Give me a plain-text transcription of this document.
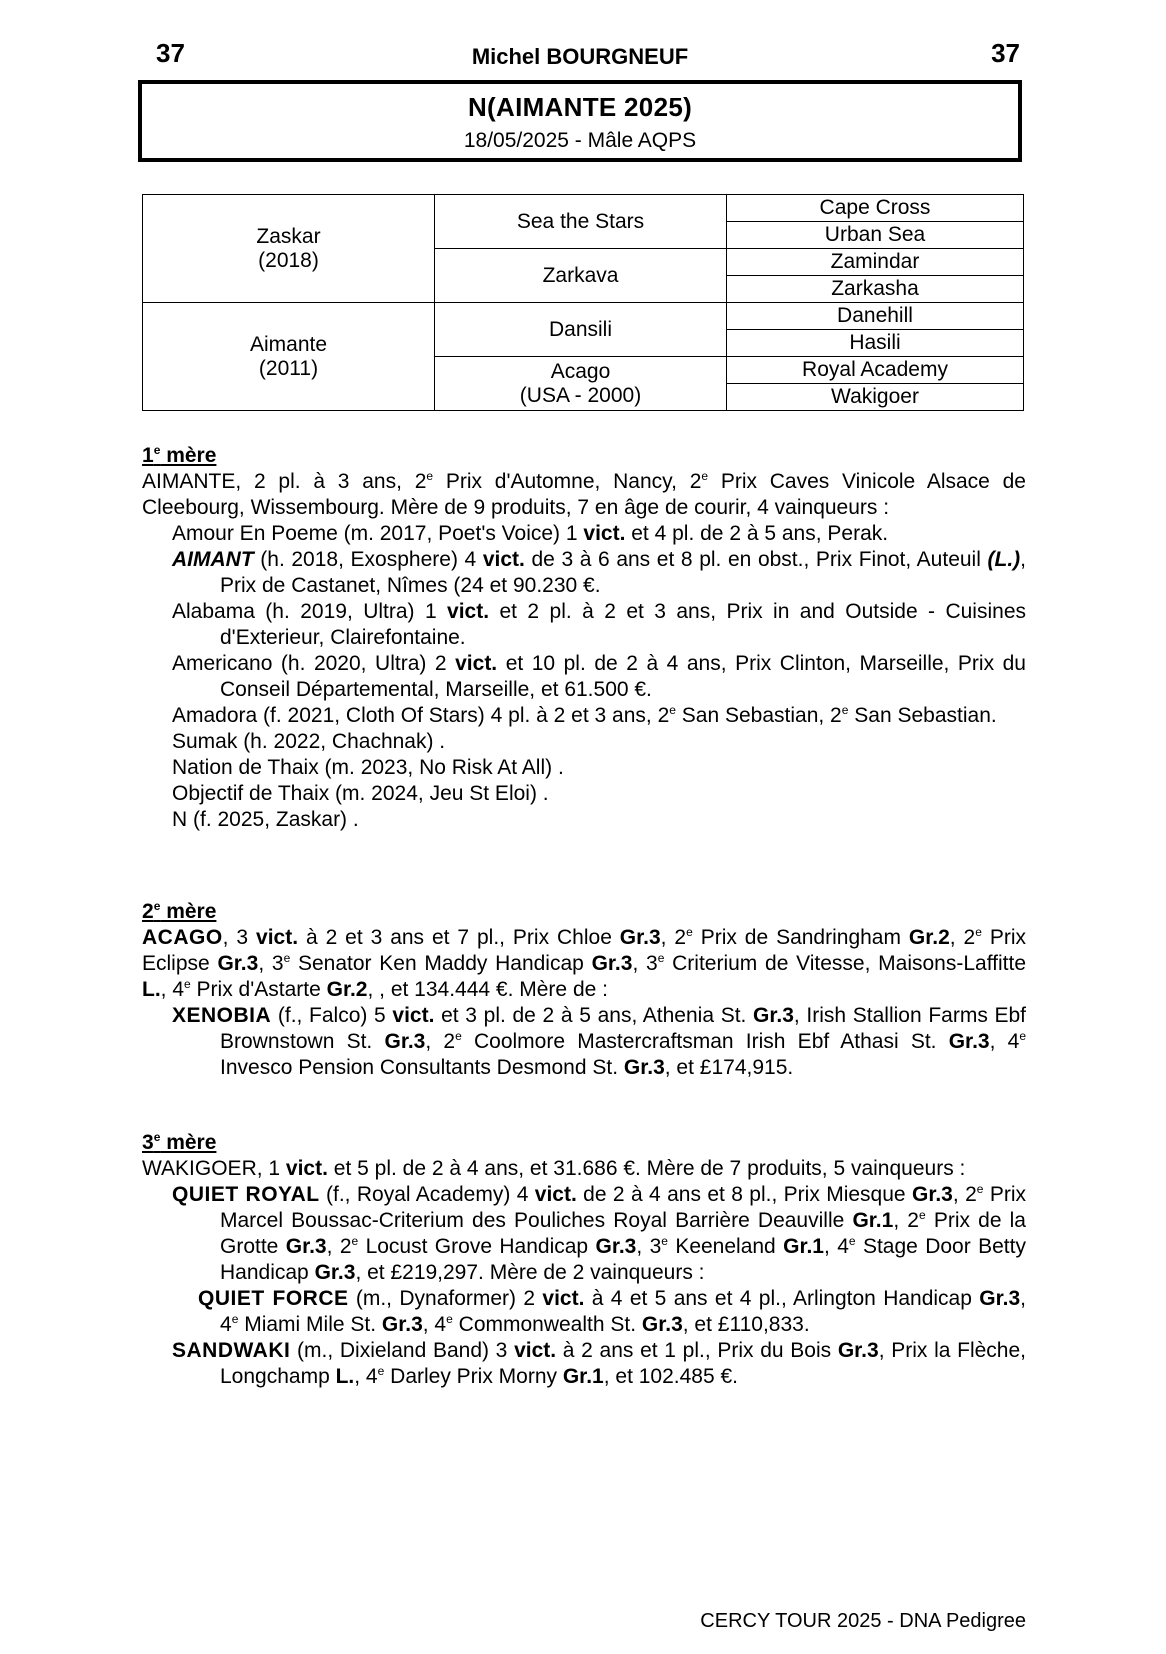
37	Michel BOURGNEUF	37
N(AIMANTE 2025)
18/05/2025 - Mâle AQPS
Zaskar
(2018)	Sea the Stars	Cape Cross
		Urban Sea
	Zarkava	Zamindar
		Zarkasha

Aimante
(2011)	Dansili	Danehill
		Hasili

	Acago
(USA - 2000)	Royal Academy
		Wakigoer
1e mère

AIMANTE, 2 pl. à 3 ans, 2e Prix d'Automne, Nancy, 2e Prix Caves Vinicole Alsace de Cleebourg, Wissembourg. Mère de 9 produits, 7 en âge de courir, 4 vainqueurs :

Amour En Poeme (m. 2017, Poet's Voice) 1 vict. et 4 pl. de 2 à 5 ans, Perak.

AIMANT (h. 2018, Exosphere) 4 vict. de 3 à 6 ans et 8 pl. en obst., Prix Finot, Auteuil (L.), Prix de Castanet, Nîmes (24 et 90.230 €.

Alabama (h. 2019, Ultra) 1 vict. et 2 pl. à 2 et 3 ans, Prix in and Outside - Cuisines d'Exterieur, Clairefontaine.

Americano (h. 2020, Ultra) 2 vict. et 10 pl. de 2 à 4 ans, Prix Clinton, Marseille, Prix du Conseil Départemental, Marseille, et 61.500 €.

Amadora (f. 2021, Cloth Of Stars) 4 pl. à 2 et 3 ans, 2e San Sebastian, 2e San Sebastian.

Sumak (h. 2022, Chachnak) .

Nation de Thaix (m. 2023, No Risk At All) .

Objectif de Thaix (m. 2024, Jeu St Eloi) .

N (f. 2025, Zaskar) .

2e mère

ACAGO, 3 vict. à 2 et 3 ans et 7 pl., Prix Chloe Gr.3, 2e Prix de Sandringham Gr.2, 2e Prix Eclipse Gr.3, 3e Senator Ken Maddy Handicap Gr.3, 3e Criterium de Vitesse, Maisons-Laffitte L., 4e Prix d'Astarte Gr.2, , et 134.444 €. Mère de :

XENOBIA (f., Falco) 5 vict. et 3 pl. de 2 à 5 ans, Athenia St. Gr.3, Irish Stallion Farms Ebf Brownstown St. Gr.3, 2e Coolmore Mastercraftsman Irish Ebf Athasi St. Gr.3, 4e Invesco Pension Consultants Desmond St. Gr.3, et £174,915.

3e mère

WAKIGOER, 1 vict. et 5 pl. de 2 à 4 ans, et 31.686 €. Mère de 7 produits, 5 vainqueurs :

QUIET ROYAL (f., Royal Academy) 4 vict. de 2 à 4 ans et 8 pl., Prix Miesque Gr.3, 2e Prix Marcel Boussac-Criterium des Pouliches Royal Barrière Deauville Gr.1, 2e Prix de la Grotte Gr.3, 2e Locust Grove Handicap Gr.3, 3e Keeneland Gr.1, 4e Stage Door Betty Handicap Gr.3, et £219,297. Mère de 2 vainqueurs :

QUIET FORCE (m., Dynaformer) 2 vict. à 4 et 5 ans et 4 pl., Arlington Handicap Gr.3, 4e Miami Mile St. Gr.3, 4e Commonwealth St. Gr.3, et £110,833.

SANDWAKI (m., Dixieland Band) 3 vict. à 2 ans et 1 pl., Prix du Bois Gr.3, Prix la Flèche, Longchamp L., 4e Darley Prix Morny Gr.1, et 102.485 €.

CERCY TOUR 2025 - DNA Pedigree
